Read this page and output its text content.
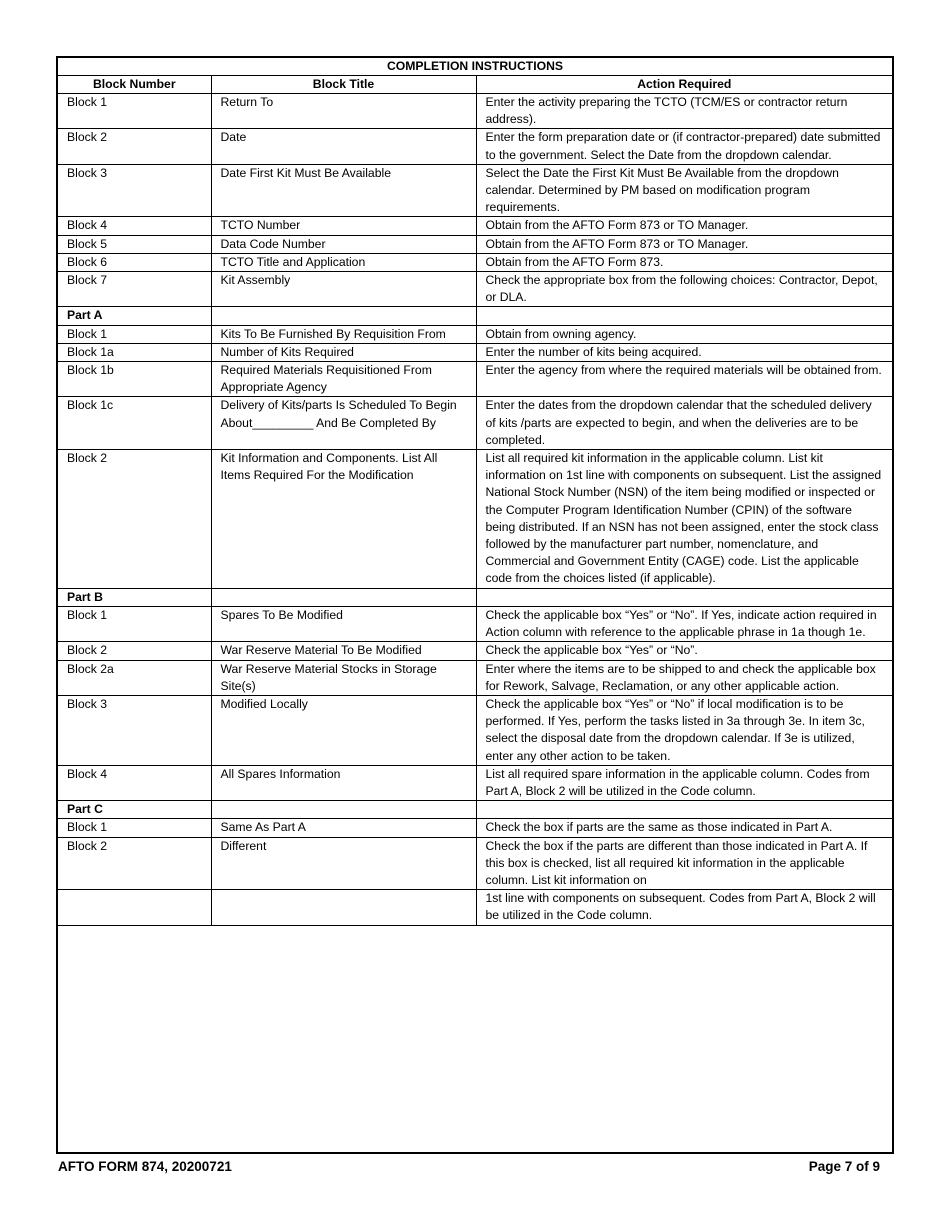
COMPLETION INSTRUCTIONS		
Block Number	Block Title	Action Required
Block 1	Return To	Enter the activity preparing the TCTO (TCM/ES or contractor return address).
Block 2	Date	Enter the form preparation date or (if contractor-prepared) date submitted to the government. Select the Date from the dropdown calendar.
Block 3	Date First Kit Must Be Available	Select the Date the First Kit Must Be Available from the dropdown calendar. Determined by PM based on modification program requirements.
Block 4	TCTO Number	Obtain from the AFTO Form 873 or TO Manager.
Block 5	Data Code Number	Obtain from the AFTO Form 873 or TO Manager.
Block 6	TCTO Title and Application	Obtain from the AFTO Form 873.
Block 7	Kit Assembly	Check the appropriate box from the following choices: Contractor, Depot, or DLA.
Part A		
Block 1	Kits To Be Furnished By Requisition From	Obtain from owning agency.
Block 1a	Number of Kits Required	Enter the number of kits being acquired.
Block 1b	Required Materials Requisitioned From Appropriate Agency	Enter the agency from where the required materials will be obtained from.
Block 1c	Delivery of Kits/parts Is Scheduled To Begin About_________ And Be Completed By	Enter the dates from the dropdown calendar that the scheduled delivery of kits /parts are expected to begin, and when the deliveries are to be completed.
Block 2	Kit Information and Components. List All Items Required For the Modification	List all required kit information in the applicable column. List kit information on 1st line with components on subsequent. List the assigned National Stock Number (NSN) of the item being modified or inspected or the Computer Program Identification Number (CPIN) of the software being distributed. If an NSN has not been assigned, enter the stock class followed by the manufacturer part number, nomenclature, and Commercial and Government Entity (CAGE) code. List the applicable code from the choices listed (if applicable).
Part B		
Block 1	Spares To Be Modified	Check the applicable box “Yes” or “No”. If Yes, indicate action required in Action column with reference to the applicable phrase in 1a though 1e.
Block 2	War Reserve Material To Be Modified	Check the applicable box “Yes” or “No”.
Block 2a	War Reserve Material Stocks in Storage Site(s)	Enter where the items are to be shipped to and check the applicable box for Rework, Salvage, Reclamation, or any other applicable action.
Block 3	Modified Locally	Check the applicable box “Yes” or “No” if local modification is to be performed. If Yes, perform the tasks listed in 3a through 3e. In item 3c, select the disposal date from the dropdown calendar. If 3e is utilized, enter any other action to be taken.
Block 4	All Spares Information	List all required spare information in the applicable column. Codes from Part A, Block 2 will be utilized in the Code column.
Part C		
Block 1	Same As Part A	Check the box if parts are the same as those indicated in Part A.
Block 2	Different	Check the box if the parts are different than those indicated in Part A. If this box is checked, list all required kit information in the applicable column. List kit information on
		1st line with components on subsequent. Codes from Part A, Block 2 will be utilized in the Code column.
AFTO FORM 874, 20200721	Page 7 of 9
